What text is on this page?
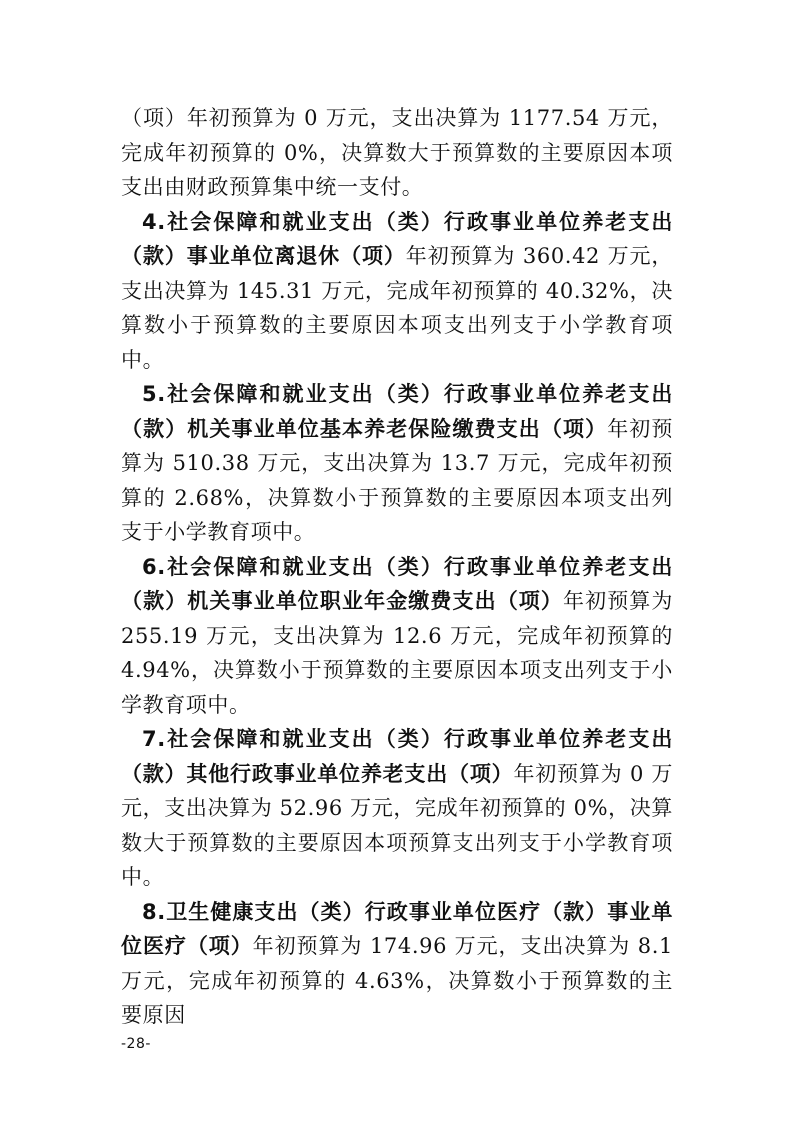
（项）年初预算为 0 万元，支出决算为 1177.54 万元，完成年初预算的 0%，决算数大于预算数的主要原因本项支出由财政预算集中统一支付。

4.社会保障和就业支出（类）行政事业单位养老支出（款）事业单位离退休（项）年初预算为 360.42 万元，支出决算为 145.31 万元，完成年初预算的 40.32%，决算数小于预算数的主要原因本项支出列支于小学教育项中。

5.社会保障和就业支出（类）行政事业单位养老支出（款）机关事业单位基本养老保险缴费支出（项）年初预算为 510.38 万元，支出决算为 13.7 万元，完成年初预算的 2.68%，决算数小于预算数的主要原因本项支出列支于小学教育项中。

6.社会保障和就业支出（类）行政事业单位养老支出（款）机关事业单位职业年金缴费支出（项）年初预算为 255.19 万元，支出决算为 12.6 万元，完成年初预算的 4.94%，决算数小于预算数的主要原因本项支出列支于小学教育项中。

7.社会保障和就业支出（类）行政事业单位养老支出（款）其他行政事业单位养老支出（项）年初预算为 0 万元，支出决算为 52.96 万元，完成年初预算的 0%，决算数大于预算数的主要原因本项预算支出列支于小学教育项中。

8.卫生健康支出（类）行政事业单位医疗（款）事业单位医疗（项）年初预算为 174.96 万元，支出决算为 8.1 万元，完成年初预算的 4.63%，决算数小于预算数的主要原因

-28-
